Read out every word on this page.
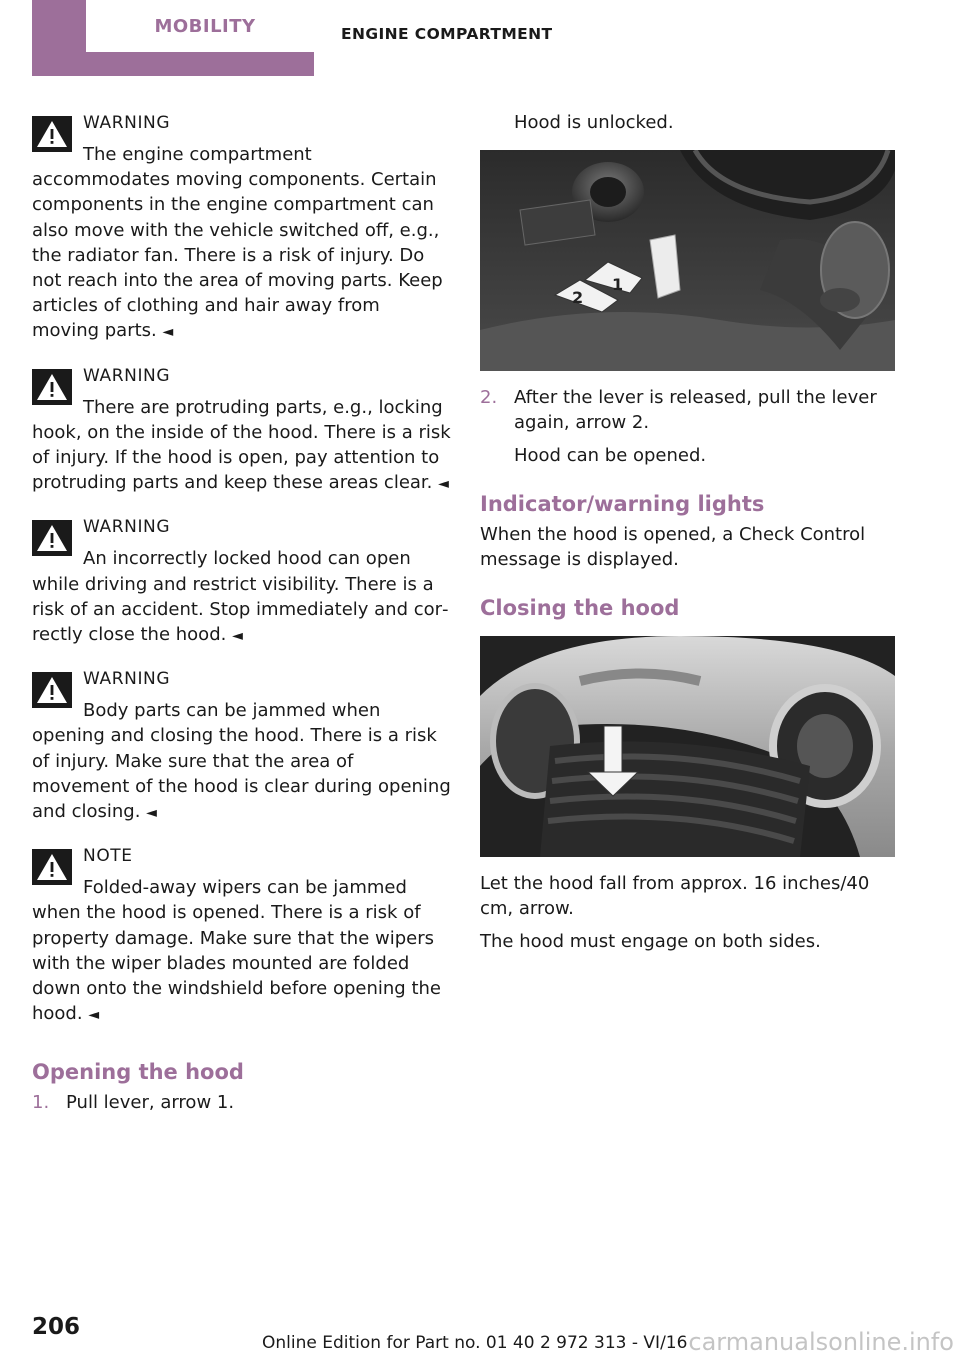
MOBILITY	ENGINE COMPARTMENT
WARNING
The engine compartment accommodates moving components. Certain components in the engine compartment can also move with the vehicle switched off, e.g., the radiator fan. There is a risk of injury. Do not reach into the area of moving parts. Keep articles of clothing and hair away from moving parts. ◄
WARNING
There are protruding parts, e.g., locking hook, on the inside of the hood. There is a risk of injury. If the hood is open, pay attention to protruding parts and keep these areas clear. ◄
WARNING
An incorrectly locked hood can open while driving and restrict visibility. There is a risk of an accident. Stop immediately and correctly close the hood. ◄
WARNING
Body parts can be jammed when opening and closing the hood. There is a risk of injury. Make sure that the area of movement of the hood is clear during opening and closing. ◄
NOTE
Folded-away wipers can be jammed when the hood is opened. There is a risk of property damage. Make sure that the wipers with the wiper blades mounted are folded down onto the windshield before opening the hood. ◄
Opening the hood
1. Pull lever, arrow 1.
Hood is unlocked.
1
2
2. After the lever is released, pull the lever again, arrow 2.
Hood can be opened.
Indicator/warning lights
When the hood is opened, a Check Control message is displayed.
Closing the hood
Let the hood fall from approx. 16 inches/40 cm, arrow.
The hood must engage on both sides.
206
Online Edition for Part no. 01 40 2 972 313 - VI/16 carmanualsonline.info
